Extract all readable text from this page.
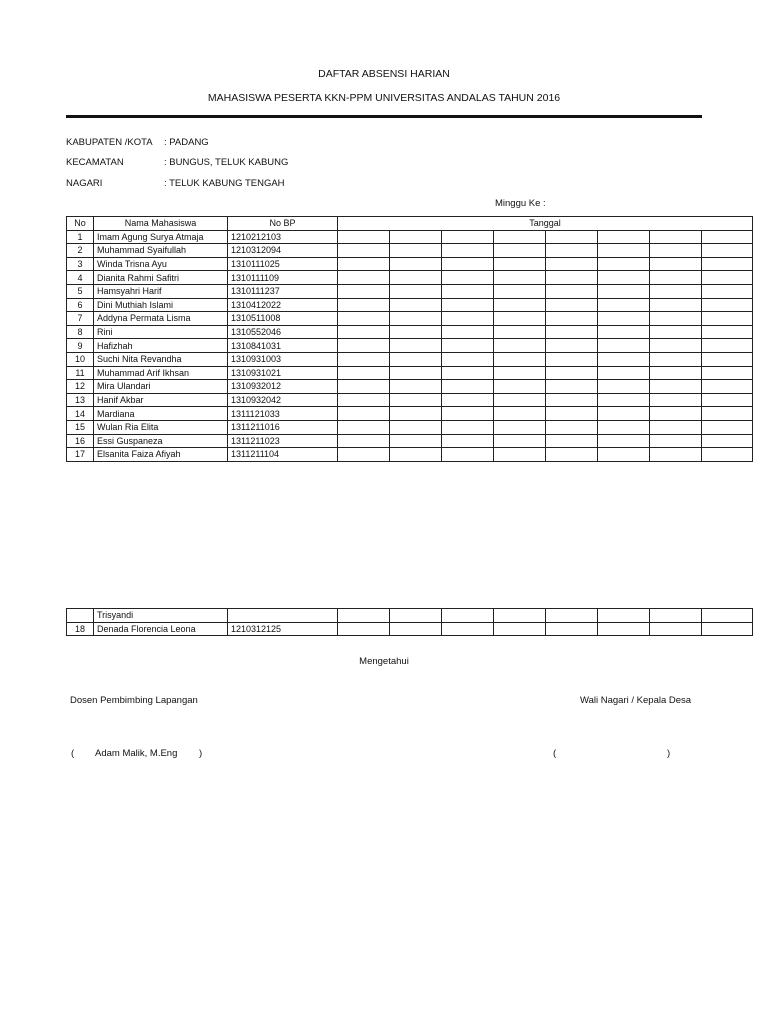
DAFTAR ABSENSI HARIAN
MAHASISWA PESERTA KKN-PPM UNIVERSITAS ANDALAS TAHUN 2016
KABUPATEN /KOTA : PADANG
KECAMATAN	: BUNGUS, TELUK KABUNG
NAGARI	: TELUK KABUNG TENGAH
Minggu Ke :
No	Nama Mahasiswa	No BP	Tanggal							
1	Imam Agung Surya Atmaja	1210212103								
2	Muhammad Syaifullah	1210312094								
3	Winda Trisna Ayu	1310111025								
4	Dianita Rahmi Safitri	1310111109								
5	Hamsyahri Harif	1310111237								
6	Dini Muthiah Islami	1310412022								
7	Addyna Permata Lisma	1310511008								
8	Rini	1310552046								
9	Hafizhah	1310841031								
10	Suchi Nita Revandha	1310931003								
11	Muhammad Arif Ikhsan	1310931021								
12	Mira Ulandari	1310932012								
13	Hanif Akbar	1310932042								
14	Mardiana	1311121033								
15	Wulan Ria Elita	1311211016								
16	Essi Guspaneza	1311211023								
17	Elsanita Faiza Afiyah	1311211104								
	Trisyandi									
18	Denada Florencia Leona	1210312125								
Mengetahui
Dosen Pembimbing Lapangan	Wali Nagari / Kepala Desa
( Adam Malik, M.Eng )	(	)
